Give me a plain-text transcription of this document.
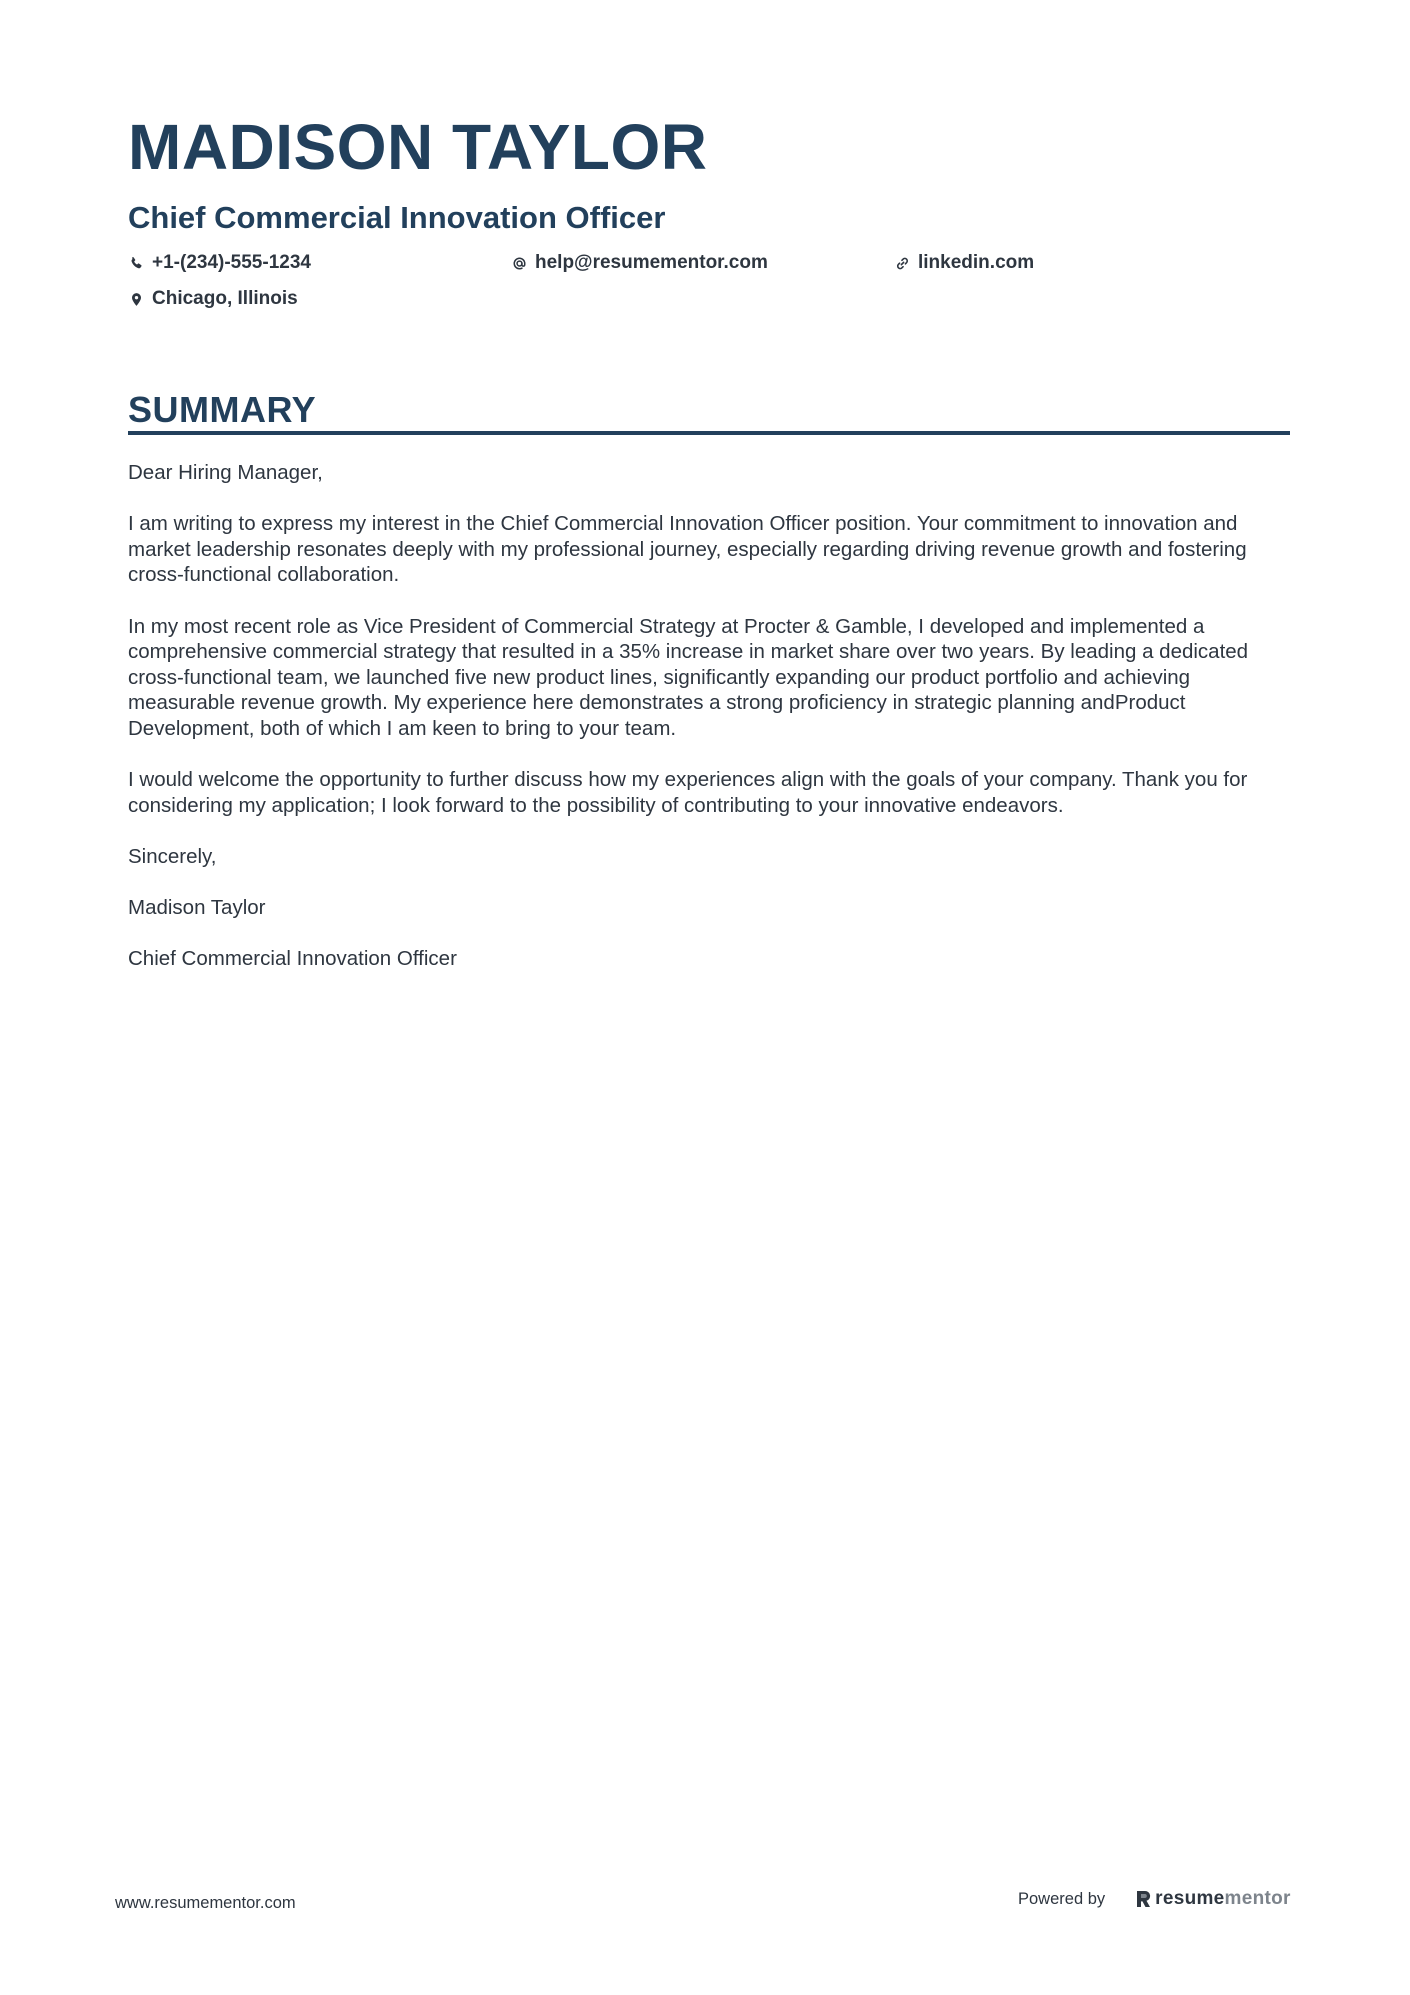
MADISON TAYLOR
Chief Commercial Innovation Officer
+1-(234)-555-1234	help@resumementor.com	linkedin.com
Chicago, Illinois
SUMMARY

Dear Hiring Manager,

I am writing to express my interest in the Chief Commercial Innovation Officer position. Your commitment to innovation and market leadership resonates deeply with my professional journey, especially regarding driving revenue growth and fostering cross-functional collaboration.

In my most recent role as Vice President of Commercial Strategy at Procter & Gamble, I developed and implemented a comprehensive commercial strategy that resulted in a 35% increase in market share over two years. By leading a dedicated cross-functional team, we launched five new product lines, significantly expanding our product portfolio and achieving measurable revenue growth. My experience here demonstrates a strong proficiency in strategic planning andProduct Development, both of which I am keen to bring to your team.

I would welcome the opportunity to further discuss how my experiences align with the goals of your company. Thank you for considering my application; I look forward to the possibility of contributing to your innovative endeavors.

Sincerely,

Madison Taylor

Chief Commercial Innovation Officer

www.resumementor.com	Powered by	resume mentor
